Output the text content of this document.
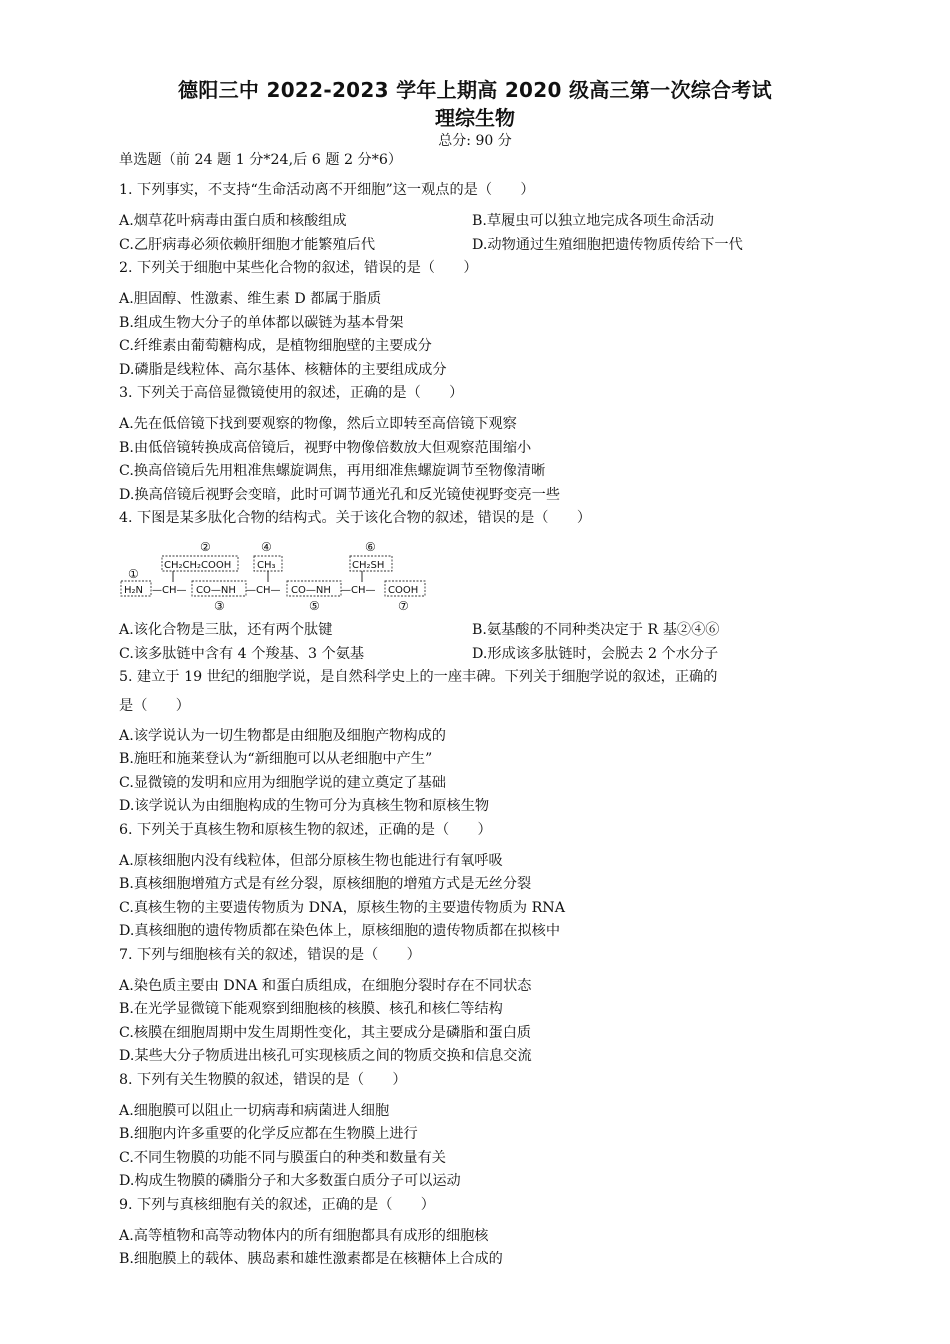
德阳三中 2022-2023 学年上期高 2020 级高三第一次综合考试
理综生物
总分: 90 分
单选题（前 24 题 1 分*24,后 6 题 2 分*6）
1. 下列事实，不支持“生命活动离不开细胞”这一观点的是（　　）
A.烟草花叶病毒由蛋白质和核酸组成	B.草履虫可以独立地完成各项生命活动
C.乙肝病毒必须依赖肝细胞才能繁殖后代	D.动物通过生殖细胞把遗传物质传给下一代
2. 下列关于细胞中某些化合物的叙述，错误的是（　　）
A.胆固醇、性激素、维生素 D 都属于脂质
B.组成生物大分子的单体都以碳链为基本骨架
C.纤维素由葡萄糖构成，是植物细胞壁的主要成分
D.磷脂是线粒体、高尔基体、核糖体的主要组成成分
3. 下列关于高倍显微镜使用的叙述，正确的是（　　）
A.先在低倍镜下找到要观察的物像，然后立即转至高倍镜下观察
B.由低倍镜转换成高倍镜后，视野中物像倍数放大但观察范围缩小
C.换高倍镜后先用粗准焦螺旋调焦，再用细准焦螺旋调节至物像清晰
D.换高倍镜后视野会变暗，此时可调节通光孔和反光镜使视野变亮一些
4. 下图是某多肽化合物的结构式。关于该化合物的叙述，错误的是（　　）
①
②
③
④
⑤
⑥
⑦
H₂N
CH₂CH₂COOH
CO—NH
CH₃
CO—NH
CH₂SH
COOH
—CH—	—CH—	—CH—
A.该化合物是三肽，还有两个肽键	B.氨基酸的不同种类决定于 R 基②④⑥
C.该多肽链中含有 4 个羧基、3 个氨基	D.形成该多肽链时，会脱去 2 个水分子
5. 建立于 19 世纪的细胞学说，是自然科学史上的一座丰碑。下列关于细胞学说的叙述，正确的
是（　　）
A.该学说认为一切生物都是由细胞及细胞产物构成的
B.施旺和施莱登认为“新细胞可以从老细胞中产生”
C.显微镜的发明和应用为细胞学说的建立奠定了基础
D.该学说认为由细胞构成的生物可分为真核生物和原核生物
6. 下列关于真核生物和原核生物的叙述，正确的是（　　）
A.原核细胞内没有线粒体，但部分原核生物也能进行有氧呼吸
B.真核细胞增殖方式是有丝分裂，原核细胞的增殖方式是无丝分裂
C.真核生物的主要遗传物质为 DNA，原核生物的主要遗传物质为 RNA
D.真核细胞的遗传物质都在染色体上，原核细胞的遗传物质都在拟核中
7. 下列与细胞核有关的叙述，错误的是（　　）
A.染色质主要由 DNA 和蛋白质组成，在细胞分裂时存在不同状态
B.在光学显微镜下能观察到细胞核的核膜、核孔和核仁等结构
C.核膜在细胞周期中发生周期性变化，其主要成分是磷脂和蛋白质
D.某些大分子物质进出核孔可实现核质之间的物质交换和信息交流
8. 下列有关生物膜的叙述，错误的是（　　）
A.细胞膜可以阻止一切病毒和病菌进人细胞
B.细胞内许多重要的化学反应都在生物膜上进行
C.不同生物膜的功能不同与膜蛋白的种类和数量有关
D.构成生物膜的磷脂分子和大多数蛋白质分子可以运动
9. 下列与真核细胞有关的叙述，正确的是（　　）
A.高等植物和高等动物体内的所有细胞都具有成形的细胞核
B.细胞膜上的载体、胰岛素和雄性激素都是在核糖体上合成的
